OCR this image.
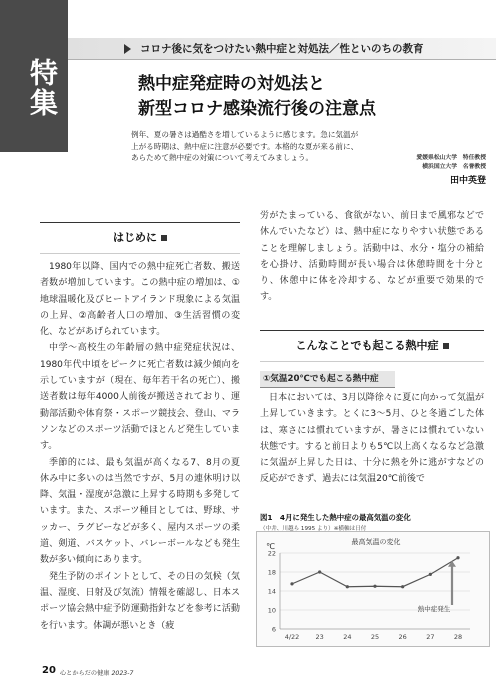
特集
コロナ後に気をつけたい熱中症と対処法／性といのちの教育
熱中症発症時の対処法と
新型コロナ感染流行後の注意点
例年、夏の暑さは過酷さを増しているように感じます。急に気温が上がる時期は、熱中症に注意が必要です。本格的な夏が来る前に、あらためて熱中症の対策について考えてみましょう。	愛媛県松山大学　特任教授
横浜国立大学　名誉教授
田中英登
はじめに

1980年以降、国内での熱中症死亡者数、搬送者数が増加しています。この熱中症の増加は、①地球温暖化及びヒートアイランド現象による気温の上昇、②高齢者人口の増加、③生活習慣の変化、などがあげられています。

中学～高校生の年齢層の熱中症発症状況は、1980年代中頃をピークに死亡者数は減少傾向を示していますが（現在、毎年若干名の死亡）、搬送者数は毎年4000人前後が搬送されており、運動部活動や体育祭・スポーツ競技会、登山、マラソンなどのスポーツ活動でほとんど発生しています。

季節的には、最も気温が高くなる7、8月の夏休み中に多いのは当然ですが、5月の連休明け以降、気温・湿度が急激に上昇する時期も多発しています。また、スポーツ種目としては、野球、サッカー、ラグビーなどが多く、屋内スポーツの柔道、剣道、バスケット、バレーボールなども発生数が多い傾向にあります。

発生予防のポイントとして、その日の気候（気温、湿度、日射及び気流）情報を確認し、日本スポーツ協会熱中症予防運動指針などを参考に活動を行います。体調が悪いとき（疲

労がたまっている、食欲がない、前日まで風邪などで休んでいたなど）は、熱中症になりやすい状態であることを理解しましょう。活動中は、水分・塩分の補給を心掛け、活動時間が長い場合は休憩時間を十分とり、休憩中に体を冷却する、などが重要で効果的です。

こんなことでも起こる熱中症
①気温20℃でも起こる熱中症

日本においては、3月以降徐々に夏に向かって気温が上昇していきます。とくに3～5月、ひと冬過ごした体は、寒さには慣れていますが、暑さには慣れていない状態です。すると前日よりも5℃以上高くなるなど急激に気温が上昇した日は、十分に熱を外に逃がすなどの反応ができず、過去には気温20℃前後で

図1　4月に発生した熱中症の最高気温の変化
（中井、川越ら 1995 より）※横軸は日付
℃	最高気温の変化
6
10
14
18
22
4/22 23	24	25	26	27	28
熱中症発生
20 心とからだの健康 2023-7
